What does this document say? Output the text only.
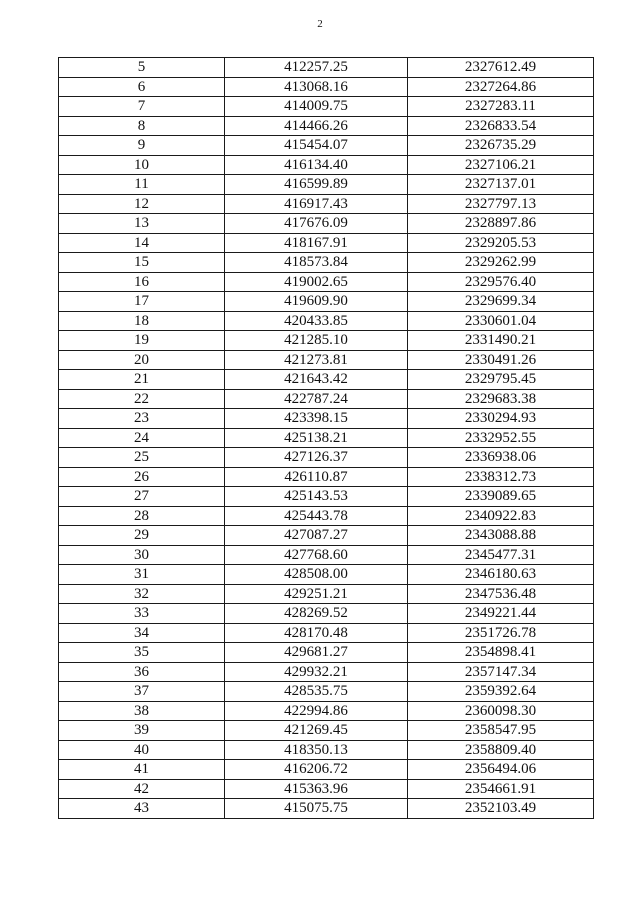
2
5	412257.25	2327612.49
6	413068.16	2327264.86
7	414009.75	2327283.11
8	414466.26	2326833.54
9	415454.07	2326735.29
10	416134.40	2327106.21
11	416599.89	2327137.01
12	416917.43	2327797.13
13	417676.09	2328897.86
14	418167.91	2329205.53
15	418573.84	2329262.99
16	419002.65	2329576.40
17	419609.90	2329699.34
18	420433.85	2330601.04
19	421285.10	2331490.21
20	421273.81	2330491.26
21	421643.42	2329795.45
22	422787.24	2329683.38
23	423398.15	2330294.93
24	425138.21	2332952.55
25	427126.37	2336938.06
26	426110.87	2338312.73
27	425143.53	2339089.65
28	425443.78	2340922.83
29	427087.27	2343088.88
30	427768.60	2345477.31
31	428508.00	2346180.63
32	429251.21	2347536.48
33	428269.52	2349221.44
34	428170.48	2351726.78
35	429681.27	2354898.41
36	429932.21	2357147.34
37	428535.75	2359392.64
38	422994.86	2360098.30
39	421269.45	2358547.95
40	418350.13	2358809.40
41	416206.72	2356494.06
42	415363.96	2354661.91
43	415075.75	2352103.49
